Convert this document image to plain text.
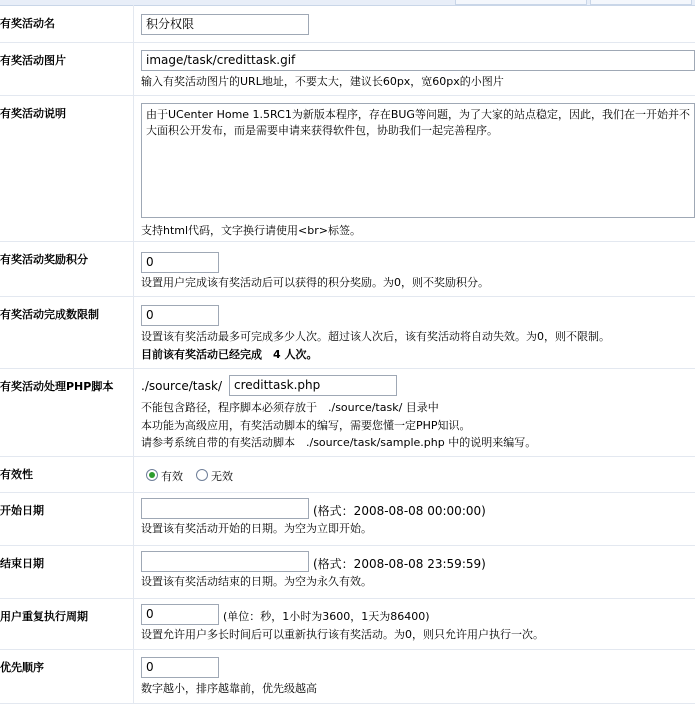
有奖活动名	积分权限
有奖活动图片	image/task/credittask.gif
输入有奖活动图片的URL地址，不要太大，建议长60px，宽60px的小图片
有奖活动说明	由于UCenter Home 1.5RC1为新版本程序，存在BUG等问题，为了大家的站点稳定，因此，我们在一开始并不大面积公开发布，而是需要申请来获得软件包，协助我们一起完善程序。
支持html代码，文字换行请使用<br>标签。
有奖活动奖励积分	0
设置用户完成该有奖活动后可以获得的积分奖励。为0，则不奖励积分。
有奖活动完成数限制	0
设置该有奖活动最多可完成多少人次。超过该人次后，该有奖活动将自动失效。为0，则不限制。
目前该有奖活动已经完成　4 人次。
有奖活动处理PHP脚本	./source/task/ credittask.php
不能包含路径，程序脚本必须存放于　./source/task/ 目录中
本功能为高级应用，有奖活动脚本的编写，需要您懂一定PHP知识。
请参考系统自带的有奖活动脚本　./source/task/sample.php 中的说明来编写。
有效性	有效	无效
开始日期	(格式：2008-08-08 00:00:00)
设置该有奖活动开始的日期。为空为立即开始。
结束日期	(格式：2008-08-08 23:59:59)
设置该有奖活动结束的日期。为空为永久有效。
用户重复执行周期	0	(单位：秒，1小时为3600，1天为86400)
设置允许用户多长时间后可以重新执行该有奖活动。为0，则只允许用户执行一次。
优先顺序	0
数字越小，排序越靠前，优先级越高
